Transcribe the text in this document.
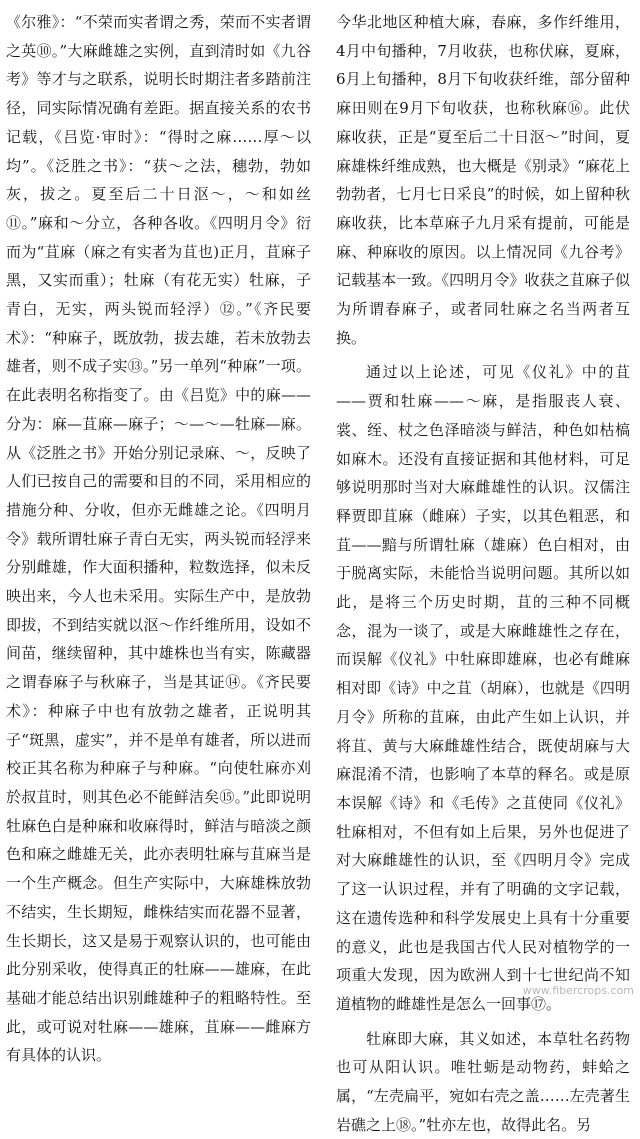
《尔雅》：“不荣而实者谓之秀，荣而不实者谓之英⑩。”大麻雌雄之实例，直到清时如《九谷考》等才与之联系，说明长时期注者多踏前注径，同实际情况确有差距。据直接关系的农书记载，《吕览·审时》：“得时之麻……厚～以均”。《泛胜之书》：“获～之法，穗勃，勃如灰，拔之。夏至后二十日沤～，～和如丝⑪。”麻和～分立，各种各收。《四明月令》衍而为“苴麻（麻之有实者为苴也)正月，苴麻子黑，又实而重）；牡麻（有花无实）牡麻，子青白，无实，两头锐而轻浮）⑫。”《齐民要术》：“种麻子，既放勃，拔去雄，若未放勃去雄者，则不成子实⑬。”另一单列“种麻”一项。在此表明名称指变了。由《吕览》中的麻——分为：麻—苴麻—麻子；～—～—牡麻—麻。从《泛胜之书》开始分别记录麻、～，反映了人们已按自己的需要和目的不同，采用相应的措施分种、分收，但亦无雌雄之论。《四明月令》载所谓牡麻子青白无实，两头锐而轻浮来分别雌雄，作大面积播种，粒数选择，似未反映出来，今人也未采用。实际生产中，是放勃即拔，不到结实就以沤～作纤维所用，设如不间苗，继续留种，其中雄株也当有实，陈藏器之谓春麻子与秋麻子，当是其证⑭。《齐民要术》：种麻子中也有放勃之雄者，正说明其子“斑黑，虚实”，并不是单有雄者，所以进而校正其名称为种麻子与种麻。“向使牡麻亦刈於叔苴时，则其色必不能鲜洁矣⑮。”此即说明牡麻色白是种麻和收麻得时，鲜洁与暗淡之颜色和麻之雌雄无关，此亦表明牡麻与苴麻当是一个生产概念。但生产实际中，大麻雄株放勃不结实，生长期短，雌株结实而花器不显著，生长期长，这又是易于观察认识的，也可能由此分别采收，使得真正的牡麻——雄麻，在此基础才能总结出识别雌雄种子的粗略特性。至此，或可说对牡麻——雄麻，苴麻——雌麻方有具体的认识。

今华北地区种植大麻，春麻，多作纤维用，4月中旬播种，7月收获，也称伏麻，夏麻，6月上旬播种，8月下旬收获纤维，部分留种麻田则在9月下旬收获，也称秋麻⑯。此伏麻收获，正是“夏至后二十日沤～”时间，夏麻雄株纤维成熟，也大概是《别录》“麻花上勃勃者，七月七日采良”的时候，如上留种秋麻收获，比本草麻子九月采有提前，可能是麻、种麻收的原因。以上情况同《九谷考》记载基本一致。《四明月令》收获之苴麻子似为所谓春麻子，或者同牡麻之名当两者互换。

通过以上论述，可见《仪礼》中的苴——贾和牡麻——～麻，是指服丧人衰、裳、绖、杖之色泽暗淡与鲜洁，种色如枯槁如麻木。还没有直接证据和其他材料，可足够说明那时当对大麻雌雄性的认识。汉儒注释贾即苴麻（雌麻）子实，以其色粗恶，和苴——黯与所谓牡麻（雄麻）色白相对，由于脱离实际，未能恰当说明问题。其所以如此，是将三个历史时期，苴的三种不同概念，混为一谈了，或是大麻雌雄性之存在，而误解《仪礼》中牡麻即雄麻，也必有雌麻相对即《诗》中之苴（胡麻），也就是《四明月令》所称的苴麻，由此产生如上认识，并将苴、黄与大麻雌雄性结合，既使胡麻与大麻混淆不清，也影响了本草的释名。或是原本误解《诗》和《毛传》之苴使同《仪礼》牡麻相对，不但有如上后果，另外也促进了对大麻雌雄性的认识，至《四明月令》完成了这一认识过程，并有了明确的文字记载，这在遗传选种和科学发展史上具有十分重要的意义，此也是我国古代人民对植物学的一项重大发现，因为欧洲人到十七世纪尚不知道植物的雌雄性是怎么一回事⑰。

牡麻即大麻，其义如述，本草牡名药物也可从阳认识。唯牡蛎是动物药，蚌蛤之属，“左壳扁平，宛如右壳之盖……左壳著生岩礁之上⑱。”牡亦左也，故得此名。另

www.fibercrops.com
